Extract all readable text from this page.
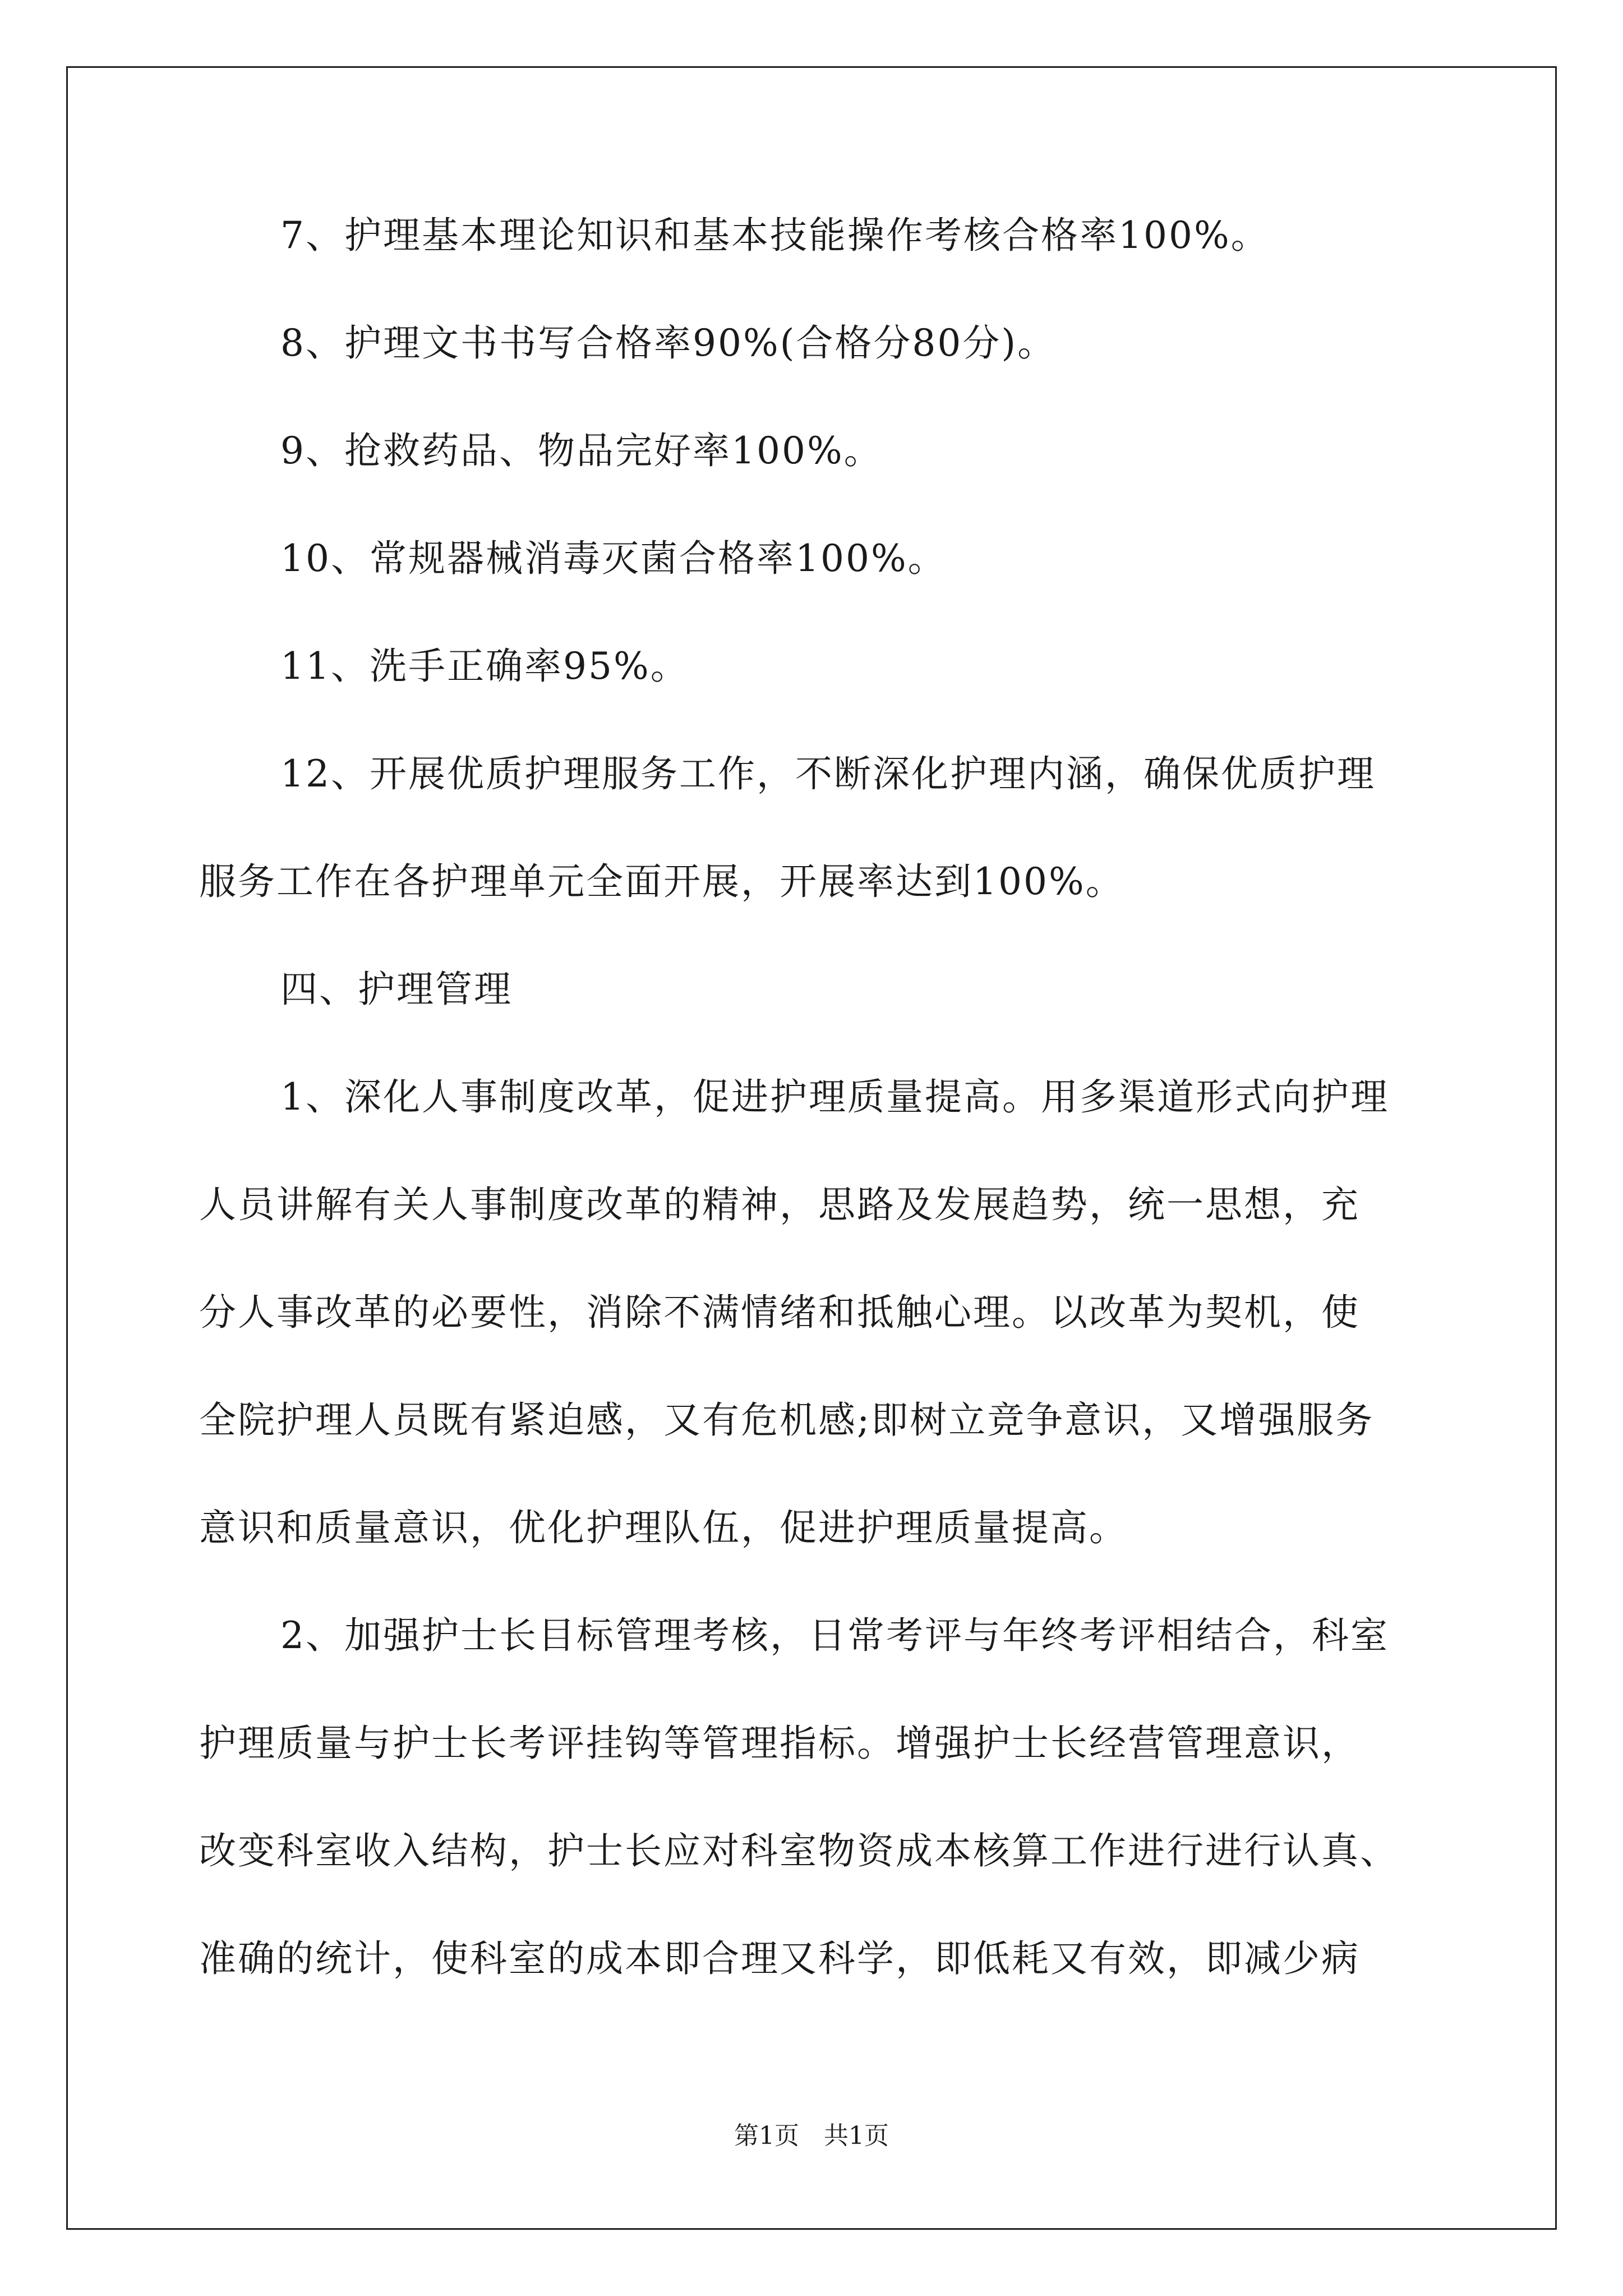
7、护理基本理论知识和基本技能操作考核合格率100%。
8、护理文书书写合格率90%(合格分80分)。
9、抢救药品、物品完好率100%。
10、常规器械消毒灭菌合格率100%。
11、洗手正确率95%。
12、开展优质护理服务工作，不断深化护理内涵，确保优质护理
服务工作在各护理单元全面开展，开展率达到100%。
四、护理管理
1、深化人事制度改革，促进护理质量提高。用多渠道形式向护理
人员讲解有关人事制度改革的精神，思路及发展趋势，统一思想，充
分人事改革的必要性，消除不满情绪和抵触心理。以改革为契机，使
全院护理人员既有紧迫感，又有危机感;即树立竞争意识，又增强服务
意识和质量意识，优化护理队伍，促进护理质量提高。
2、加强护士长目标管理考核，日常考评与年终考评相结合，科室
护理质量与护士长考评挂钩等管理指标。增强护士长经营管理意识，
改变科室收入结构，护士长应对科室物资成本核算工作进行进行认真、
准确的统计，使科室的成本即合理又科学，即低耗又有效，即减少病
第1页　共1页
